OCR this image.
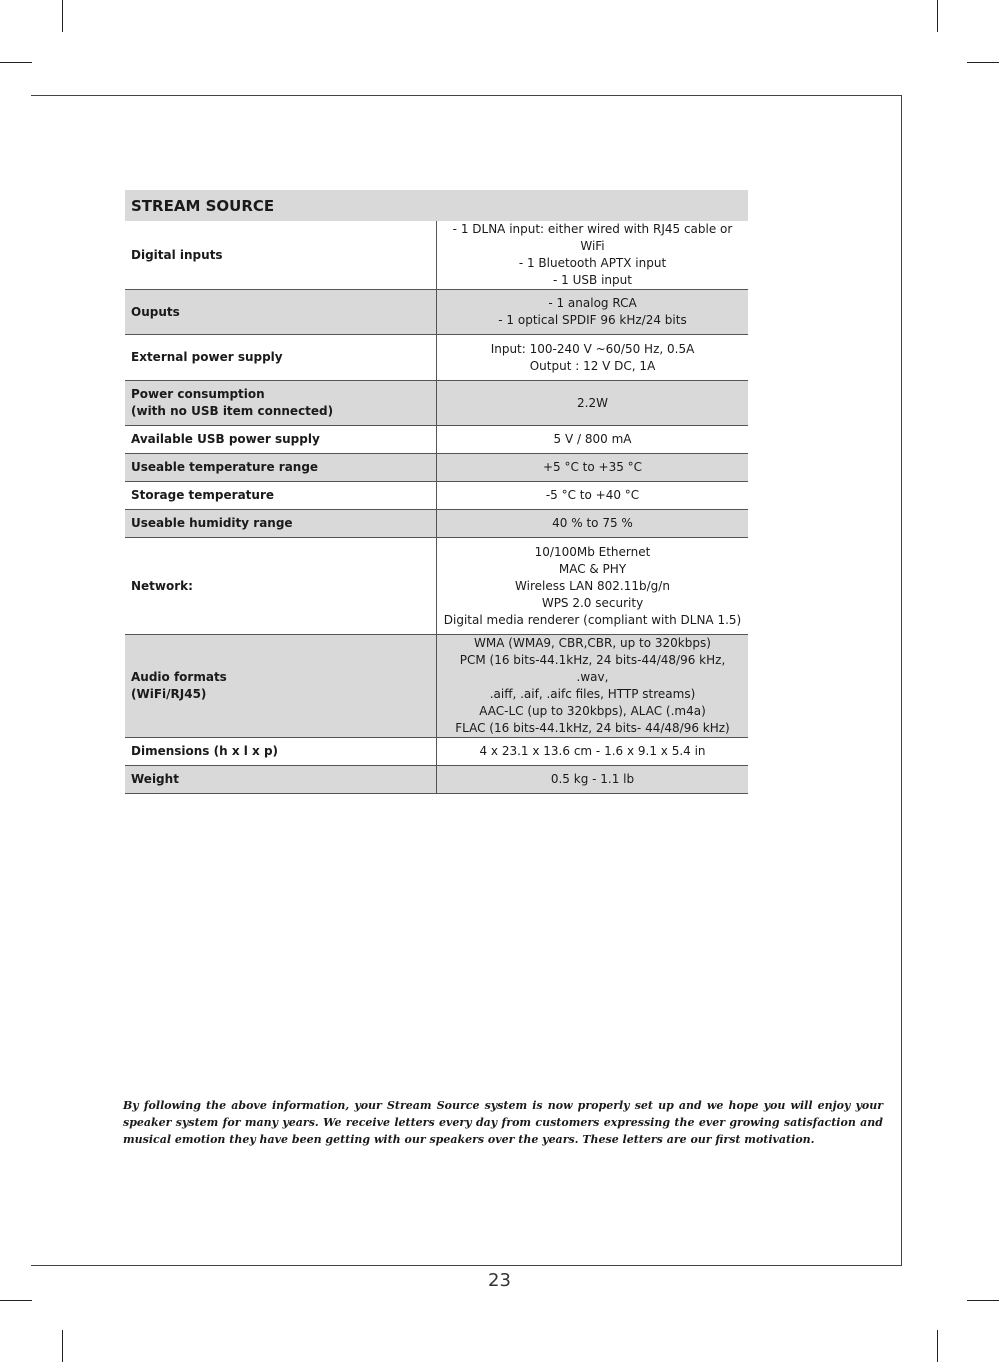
STREAM SOURCE	
Digital inputs	- 1 DLNA input: either wired with RJ45 cable or WiFi
- 1 Bluetooth APTX input
- 1 USB input

Ouputs	- 1 analog RCA
- 1 optical SPDIF 96 kHz/24 bits

External power supply	Input: 100-240 V ~60/50 Hz, 0.5A
Output : 12 V DC, 1A

Power consumption
(with no USB item connected)	2.2W

Available USB power supply	5 V / 800 mA
Useable temperature range	+5 °C to +35 °C
Storage temperature	-5 °C to +40 °C
Useable humidity range	40 % to 75 %
Network:	10/100Mb Ethernet
MAC & PHY
Wireless LAN 802.11b/g/n
WPS 2.0 security
Digital media renderer (compliant with DLNA 1.5)

Audio formats
(WiFi/RJ45)	WMA (WMA9, CBR,CBR, up to 320kbps)
PCM (16 bits-44.1kHz, 24 bits-44/48/96 kHz, .wav,
.aiff, .aif, .aifc files, HTTP streams)
AAC-LC (up to 320kbps), ALAC (.m4a)
FLAC (16 bits-44.1kHz, 24 bits- 44/48/96 kHz)

Dimensions (h x l x p)	4 x 23.1 x 13.6 cm - 1.6 x 9.1 x 5.4 in
Weight	0.5 kg - 1.1 lb

By following the above information, your Stream Source system is now properly set up and we hope you will enjoy your speaker system for many years. We receive letters every day from customers expressing the ever growing satisfaction and musical emotion they have been getting with our speakers over the years. These letters are our first motivation.

23
